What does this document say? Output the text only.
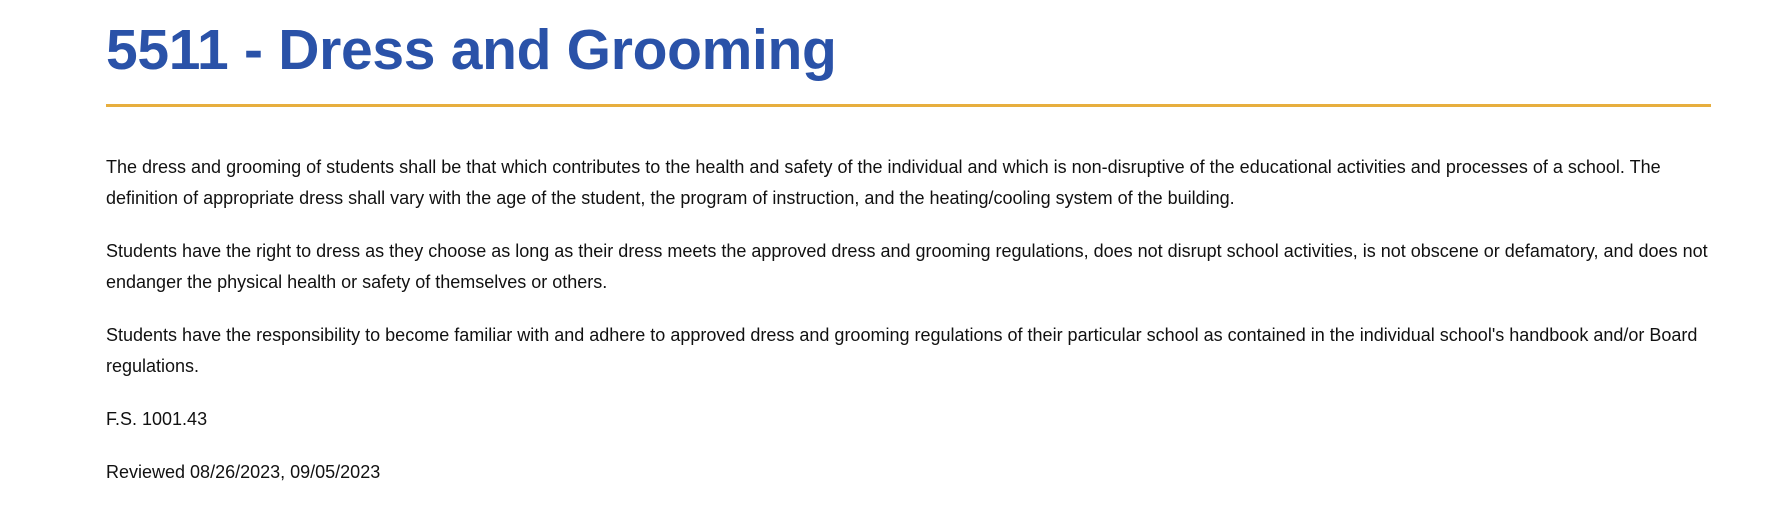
5511 - Dress and Grooming

The dress and grooming of students shall be that which contributes to the health and safety of the individual and which is non-disruptive of the educational activities and processes of a school. The definition of appropriate dress shall vary with the age of the student, the program of instruction, and the heating/cooling system of the building.

Students have the right to dress as they choose as long as their dress meets the approved dress and grooming regulations, does not disrupt school activities, is not obscene or defamatory, and does not endanger the physical health or safety of themselves or others.

Students have the responsibility to become familiar with and adhere to approved dress and grooming regulations of their particular school as contained in the individual school's handbook and/or Board regulations.

F.S. 1001.43

Reviewed 08/26/2023, 09/05/2023
